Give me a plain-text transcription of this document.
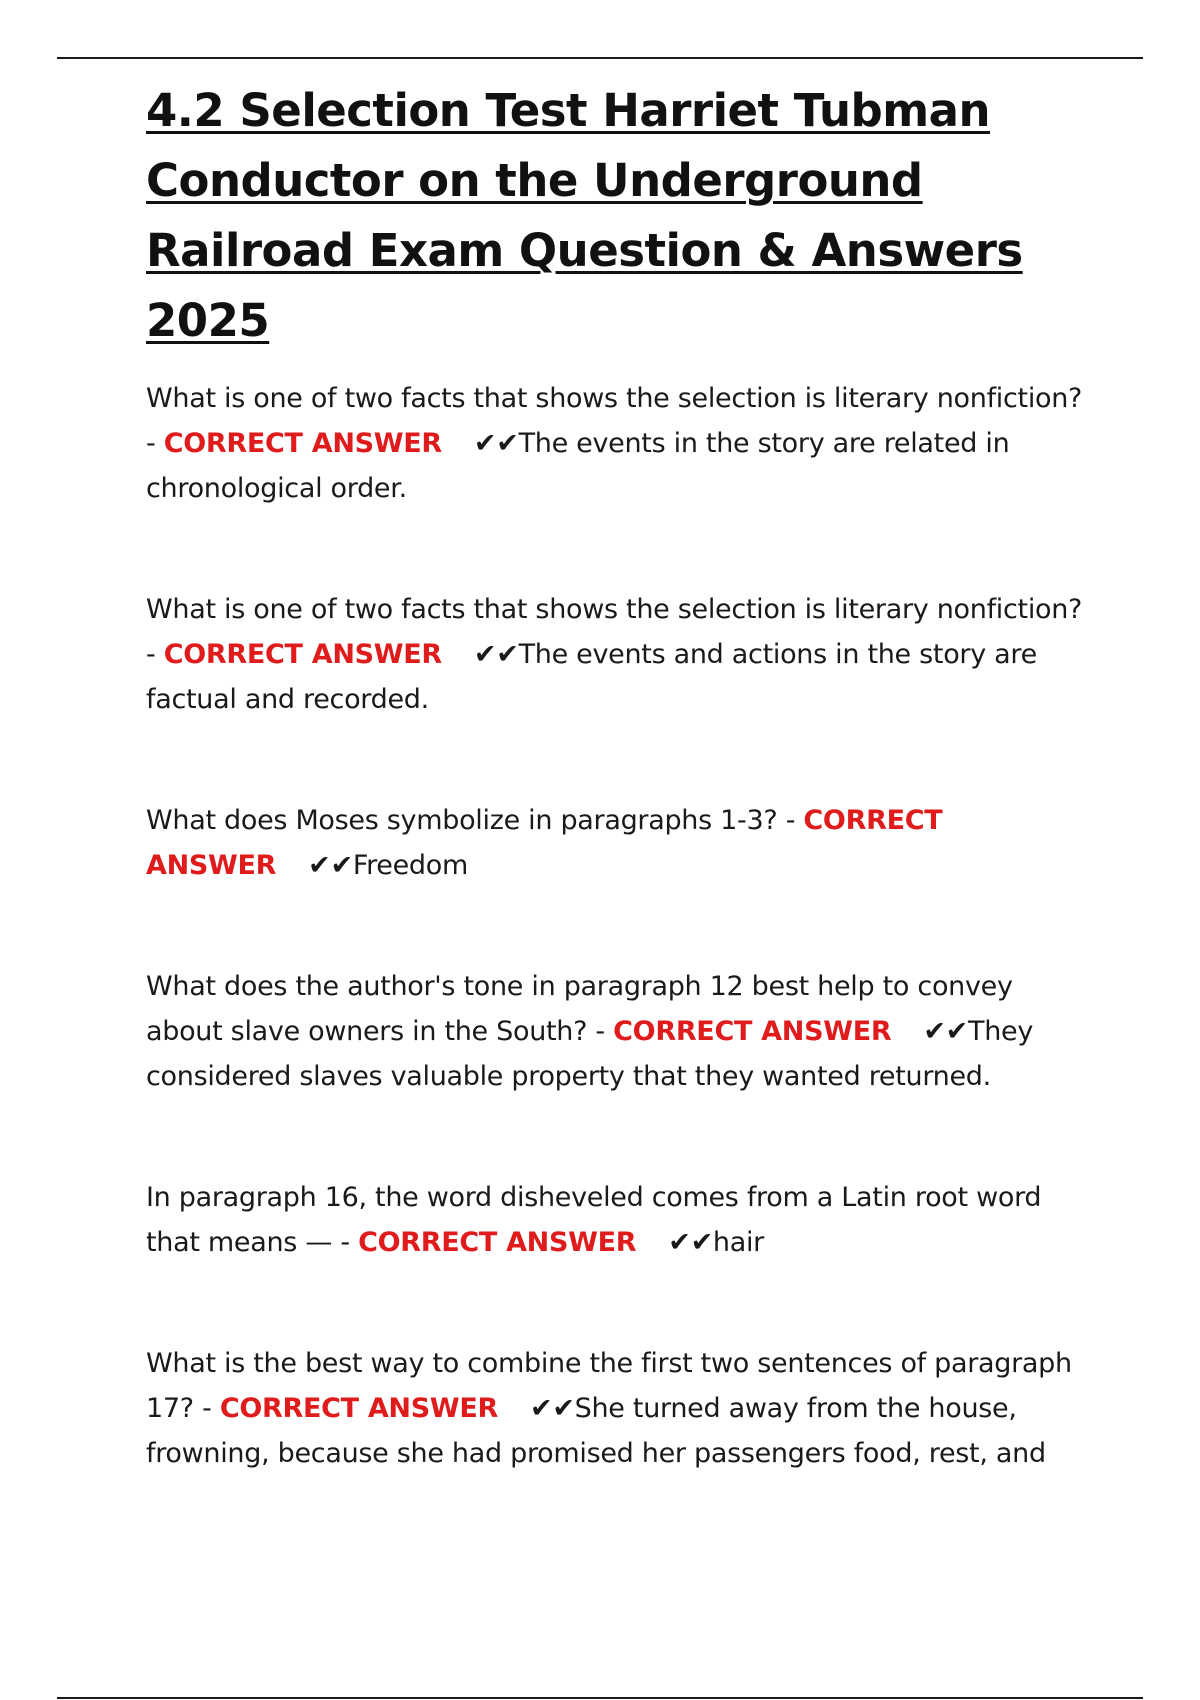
4.2 Selection Test Harriet Tubman Conductor on the Underground Railroad Exam Question & Answers 2025

What is one of two facts that shows the selection is literary nonfiction? - CORRECT ANSWER ✔✔The events in the story are related in chronological order.

What is one of two facts that shows the selection is literary nonfiction? - CORRECT ANSWER ✔✔The events and actions in the story are factual and recorded.

What does Moses symbolize in paragraphs 1-3? - CORRECT ANSWER ✔✔Freedom

What does the author's tone in paragraph 12 best help to convey about slave owners in the South? - CORRECT ANSWER ✔✔They considered slaves valuable property that they wanted returned.

In paragraph 16, the word disheveled comes from a Latin root word that means — - CORRECT ANSWER ✔✔hair

What is the best way to combine the first two sentences of paragraph 17? - CORRECT ANSWER ✔✔She turned away from the house, frowning, because she had promised her passengers food, rest, and
